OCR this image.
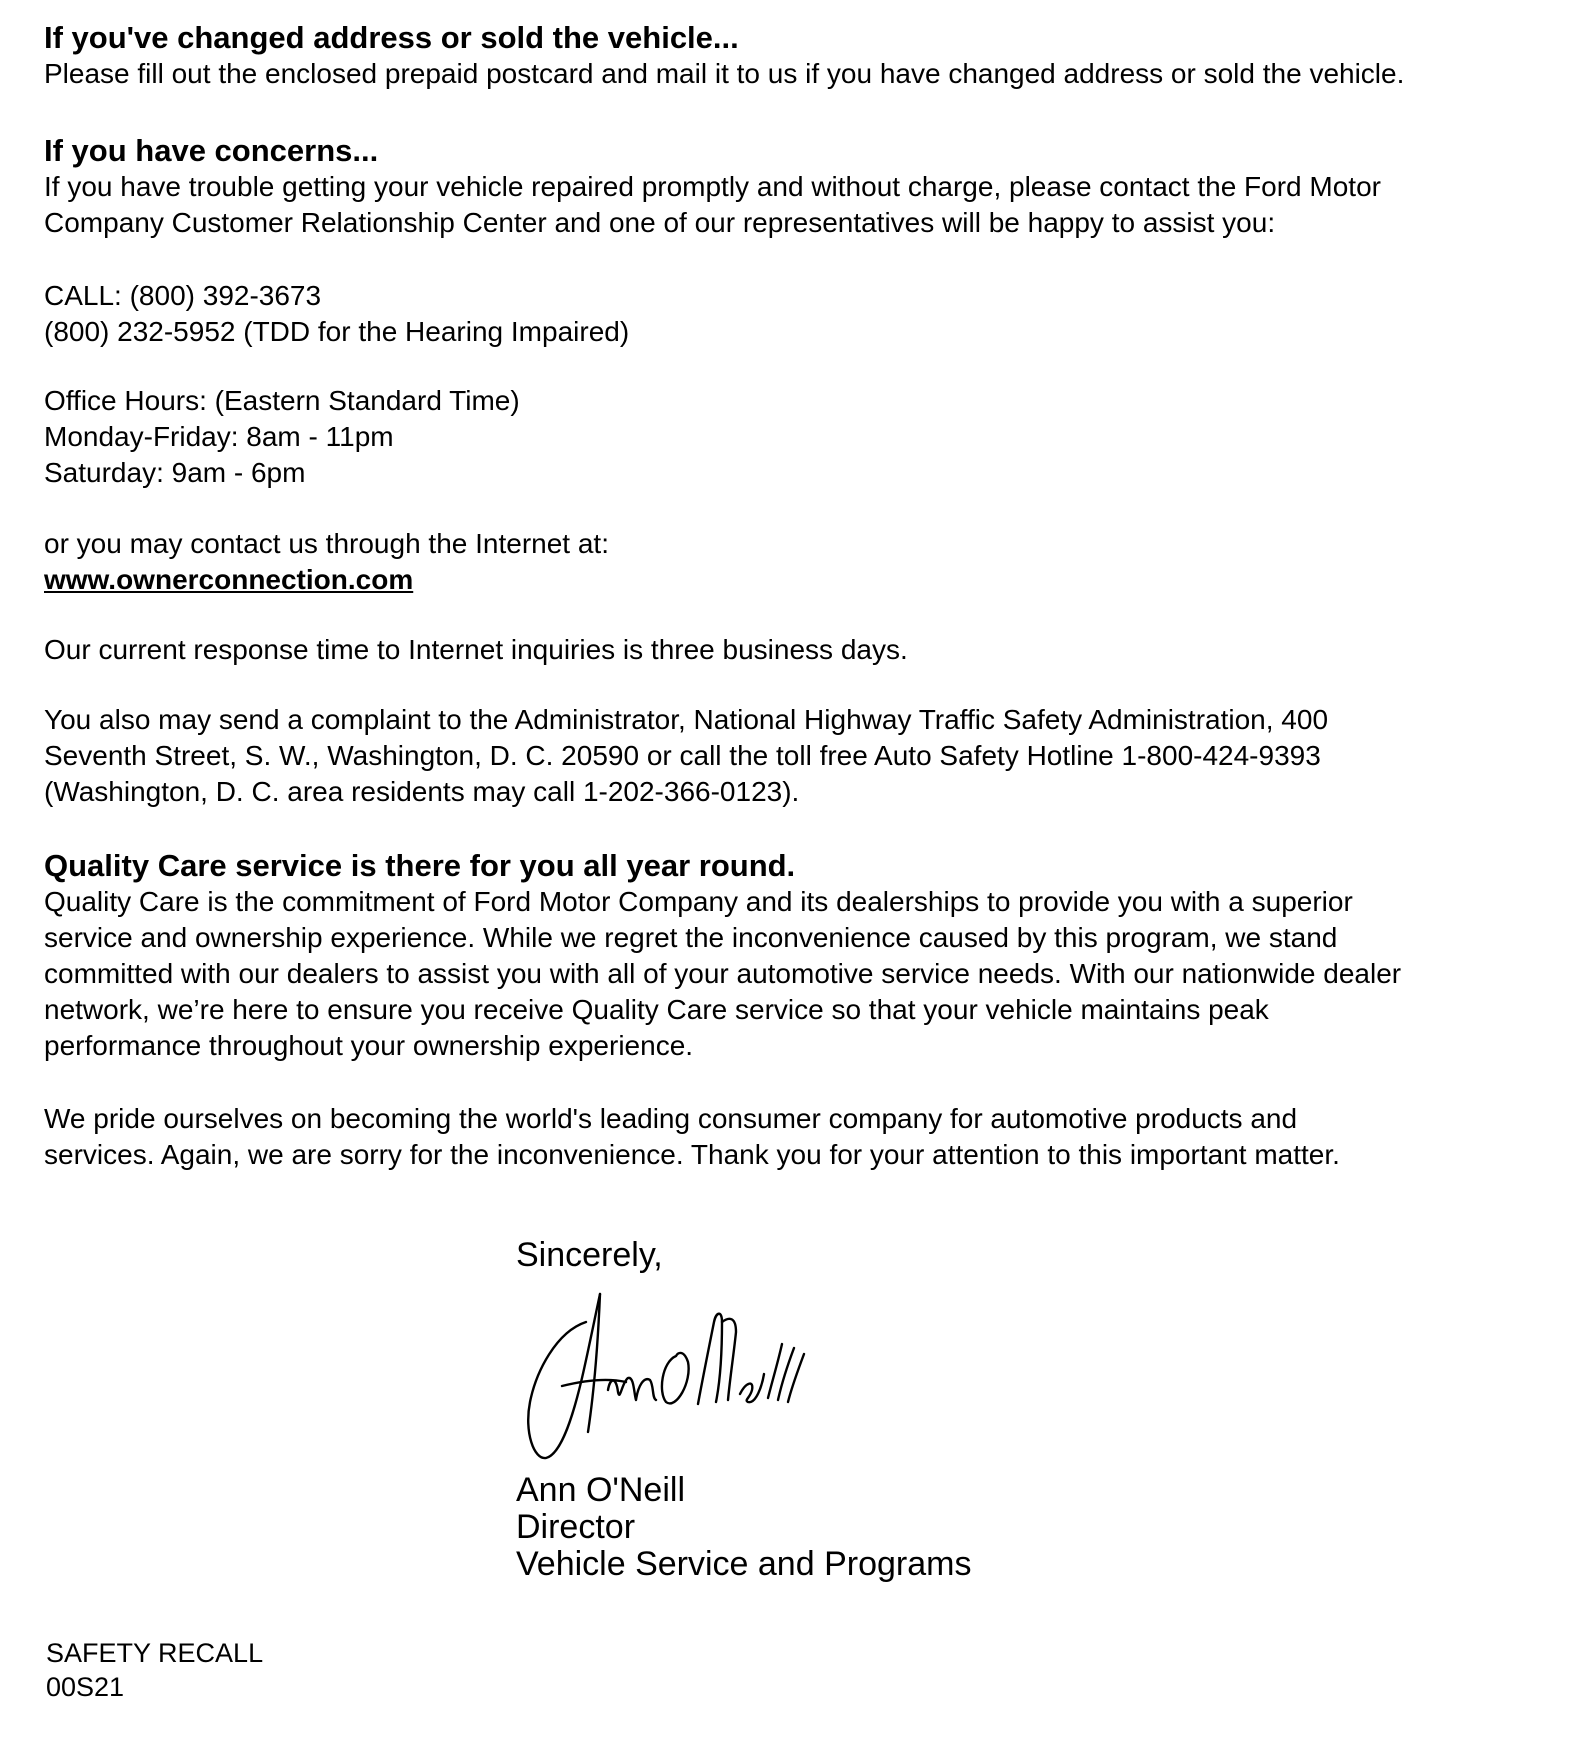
If you've changed address or sold the vehicle...
Please fill out the enclosed prepaid postcard and mail it to us if you have changed address or sold the vehicle.
If you have concerns...
If you have trouble getting your vehicle repaired promptly and without charge, please contact the Ford Motor
Company Customer Relationship Center and one of our representatives will be happy to assist you:
CALL: (800) 392-3673
(800) 232-5952 (TDD for the Hearing Impaired)
Office Hours: (Eastern Standard Time)
Monday-Friday: 8am - 11pm
Saturday: 9am - 6pm
or you may contact us through the Internet at:
www.ownerconnection.com
Our current response time to Internet inquiries is three business days.
You also may send a complaint to the Administrator, National Highway Traffic Safety Administration, 400
Seventh Street, S. W., Washington, D. C. 20590 or call the toll free Auto Safety Hotline 1-800-424-9393
(Washington, D. C. area residents may call 1-202-366-0123).
Quality Care service is there for you all year round.
Quality Care is the commitment of Ford Motor Company and its dealerships to provide you with a superior
service and ownership experience. While we regret the inconvenience caused by this program, we stand
committed with our dealers to assist you with all of your automotive service needs. With our nationwide dealer
network, we’re here to ensure you receive Quality Care service so that your vehicle maintains peak
performance throughout your ownership experience.
We pride ourselves on becoming the world's leading consumer company for automotive products and
services. Again, we are sorry for the inconvenience. Thank you for your attention to this important matter.
Sincerely,
Ann O'Neill
Director
Vehicle Service and Programs
SAFETY RECALL
00S21
